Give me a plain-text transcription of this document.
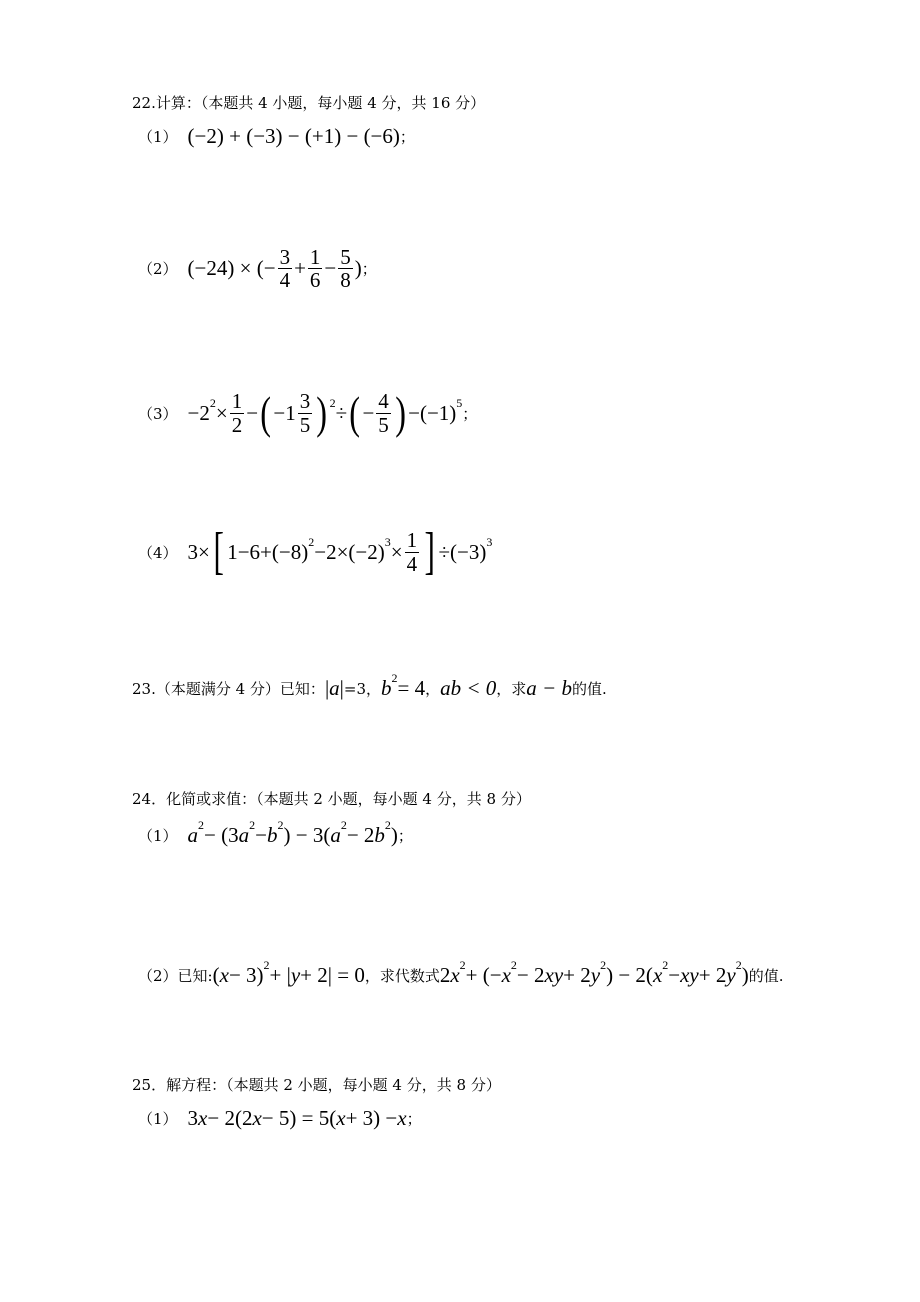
22.计算：（本题共 4 小题，每小题 4 分，共 16 分）
（1） (−2) + (−3) − (+1) − (−6) ；
（2） (−24) × (− $\frac{3}{4} + \frac{1}{6} - \frac{5}{8}$ ) ；
$(3) -2^2 \times \frac{1}{2}$ − ( $-1 \frac{3}{5} )^2$ ÷ ( − $\frac{4}{5}$ ) $-(-1)^5$
；
（4） 3× [ $1-6+(-8)^2 -2\times(-2)^3 \times \frac{1}{4}$ ] $\div(-3)^3$
23.（本题满分 4 分）已知： | a | =3， $b^2 = 4$ ， ab < 0 ，求 a − b 的值.
24．化简或求值：（本题共 2 小题，每小题 4 分，共 8 分）
（1） $a^2 - (3$ $a^2 - b^2$ ) − 3( $a^2 - 2$ $b^2$ ) ；
（2）已知: ( x − 3)$^2$ + | y + 2| = 0 ，求代数式 2 $x^2$ + (− $x^2 - 2$ xy + 2 $y^2$ ) − 2( $x^2$ − xy + 2 $y^2$ ) 的值.
25．解方程：（本题共 2 小题，每小题 4 分，共 8 分）
（1） 3 x − 2(2 x − 5) = 5( x + 3) − x ；
